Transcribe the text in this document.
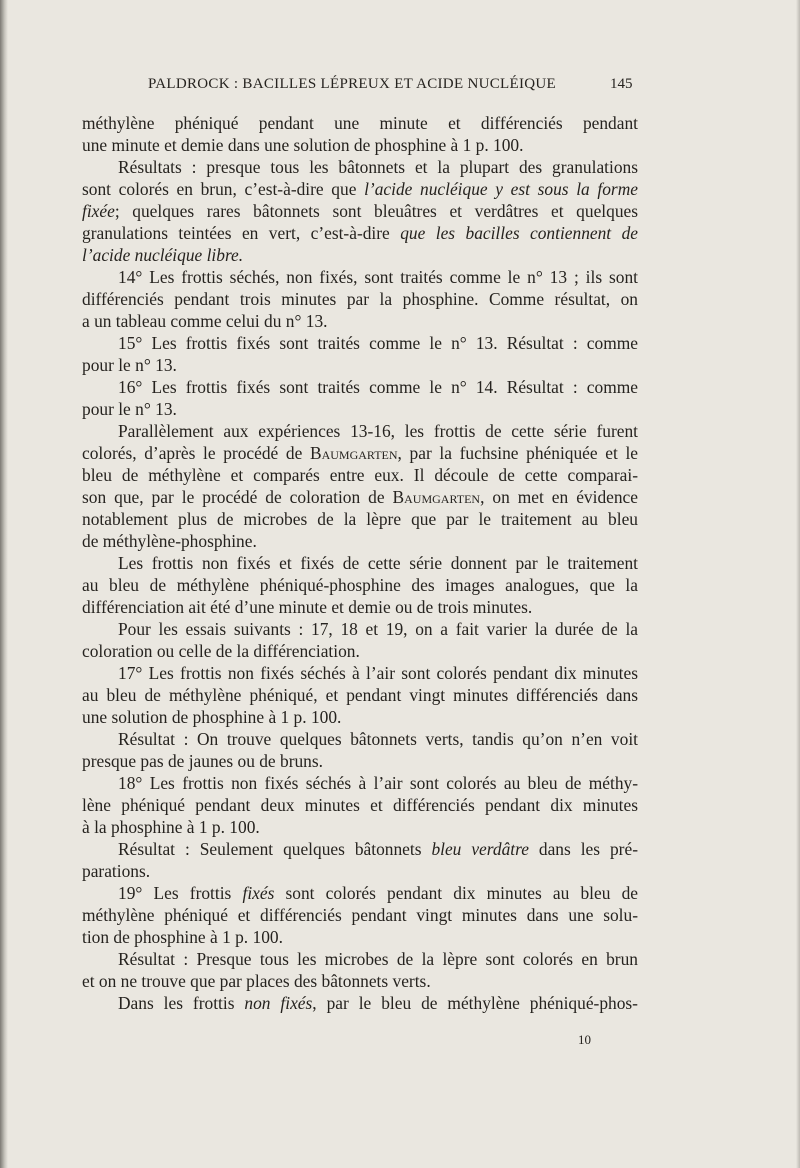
PALDROCK : BACILLES LÉPREUX ET ACIDE NUCLÉIQUE	145
méthylène phéniqué pendant une minute et différenciés pendant
une minute et demie dans une solution de phosphine à 1 p. 100.
Résultats : presque tous les bâtonnets et la plupart des granulations
sont colorés en brun, c’est-à-dire que l’acide nucléique y est sous la forme
fixée; quelques rares bâtonnets sont bleuâtres et verdâtres et quelques
granulations teintées en vert, c’est-à-dire que les bacilles contiennent de
l’acide nucléique libre.
14° Les frottis séchés, non fixés, sont traités comme le n° 13 ; ils sont
différenciés pendant trois minutes par la phosphine. Comme résultat, on
a un tableau comme celui du n° 13.
15° Les frottis fixés sont traités comme le n° 13. Résultat : comme
pour le n° 13.
16° Les frottis fixés sont traités comme le n° 14. Résultat : comme
pour le n° 13.
Parallèlement aux expériences 13-16, les frottis de cette série furent
colorés, d’après le procédé de Baumgarten, par la fuchsine phéniquée et le
bleu de méthylène et comparés entre eux. Il découle de cette comparai-
son que, par le procédé de coloration de Baumgarten, on met en évidence
notablement plus de microbes de la lèpre que par le traitement au bleu
de méthylène-phosphine.
Les frottis non fixés et fixés de cette série donnent par le traitement
au bleu de méthylène phéniqué-phosphine des images analogues, que la
différenciation ait été d’une minute et demie ou de trois minutes.
Pour les essais suivants : 17, 18 et 19, on a fait varier la durée de la
coloration ou celle de la différenciation.
17° Les frottis non fixés séchés à l’air sont colorés pendant dix minutes
au bleu de méthylène phéniqué, et pendant vingt minutes différenciés dans
une solution de phosphine à 1 p. 100.
Résultat : On trouve quelques bâtonnets verts, tandis qu’on n’en voit
presque pas de jaunes ou de bruns.
18° Les frottis non fixés séchés à l’air sont colorés au bleu de méthy-
lène phéniqué pendant deux minutes et différenciés pendant dix minutes
à la phosphine à 1 p. 100.
Résultat : Seulement quelques bâtonnets bleu verdâtre dans les pré-
parations.
19° Les frottis fixés sont colorés pendant dix minutes au bleu de
méthylène phéniqué et différenciés pendant vingt minutes dans une solu-
tion de phosphine à 1 p. 100.
Résultat : Presque tous les microbes de la lèpre sont colorés en brun
et on ne trouve que par places des bâtonnets verts.
Dans les frottis non fixés, par le bleu de méthylène phéniqué-phos-
10
